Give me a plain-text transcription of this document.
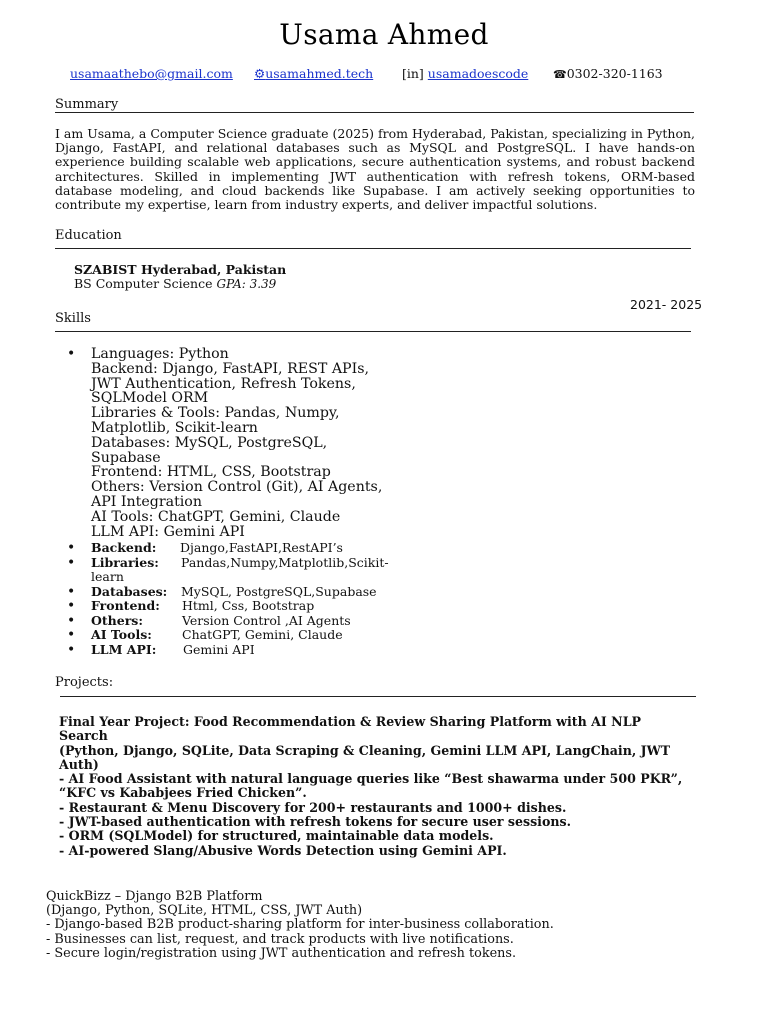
Usama Ahmed
usamaathebo@gmail.com ⚙usamahmed.tech [in] usamadoescode ☎0302-320-1163
Summary
I am Usama, a Computer Science graduate (2025) from Hyderabad, Pakistan, specializing in Python, Django, FastAPI, and relational databases such as MySQL and PostgreSQL. I have hands-on experience building scalable web applications, secure authentication systems, and robust backend architectures. Skilled in implementing JWT authentication with refresh tokens, ORM-based database modeling, and cloud backends like Supabase. I am actively seeking opportunities to contribute my expertise, learn from industry experts, and deliver impactful solutions.
Education
SZABIST Hyderabad, Pakistan
BS Computer Science GPA: 3.39
2021- 2025
Skills
• Languages: Python
Backend: Django, FastAPI, REST APIs,
JWT Authentication, Refresh Tokens,
SQLModel ORM
Libraries & Tools: Pandas, Numpy,
Matplotlib, Scikit-learn
Databases: MySQL, PostgreSQL,
Supabase
Frontend: HTML, CSS, Bootstrap
Others: Version Control (Git), AI Agents,
API Integration
AI Tools: ChatGPT, Gemini, Claude
LLM API: Gemini API
• Backend: Django,FastAPI,RestAPI’s
• Libraries: Pandas,Numpy,Matplotlib,Scikit-
learn
• Databases: MySQL, PostgreSQL,Supabase
• Frontend: Html, Css, Bootstrap
• Others:	Version Control ,AI Agents
• AI Tools: ChatGPT, Gemini, Claude
• LLM API: Gemini API
Projects:
Final Year Project: Food Recommendation & Review Sharing Platform with AI NLP
Search
(Python, Django, SQLite, Data Scraping & Cleaning, Gemini LLM API, LangChain, JWT
Auth)
- AI Food Assistant with natural language queries like “Best shawarma under 500 PKR”,
“KFC vs Kababjees Fried Chicken”.
- Restaurant & Menu Discovery for 200+ restaurants and 1000+ dishes.
- JWT-based authentication with refresh tokens for secure user sessions.
- ORM (SQLModel) for structured, maintainable data models.
- AI-powered Slang/Abusive Words Detection using Gemini API.
QuickBizz – Django B2B Platform
(Django, Python, SQLite, HTML, CSS, JWT Auth)
- Django-based B2B product-sharing platform for inter-business collaboration.
- Businesses can list, request, and track products with live notifications.
- Secure login/registration using JWT authentication and refresh tokens.
